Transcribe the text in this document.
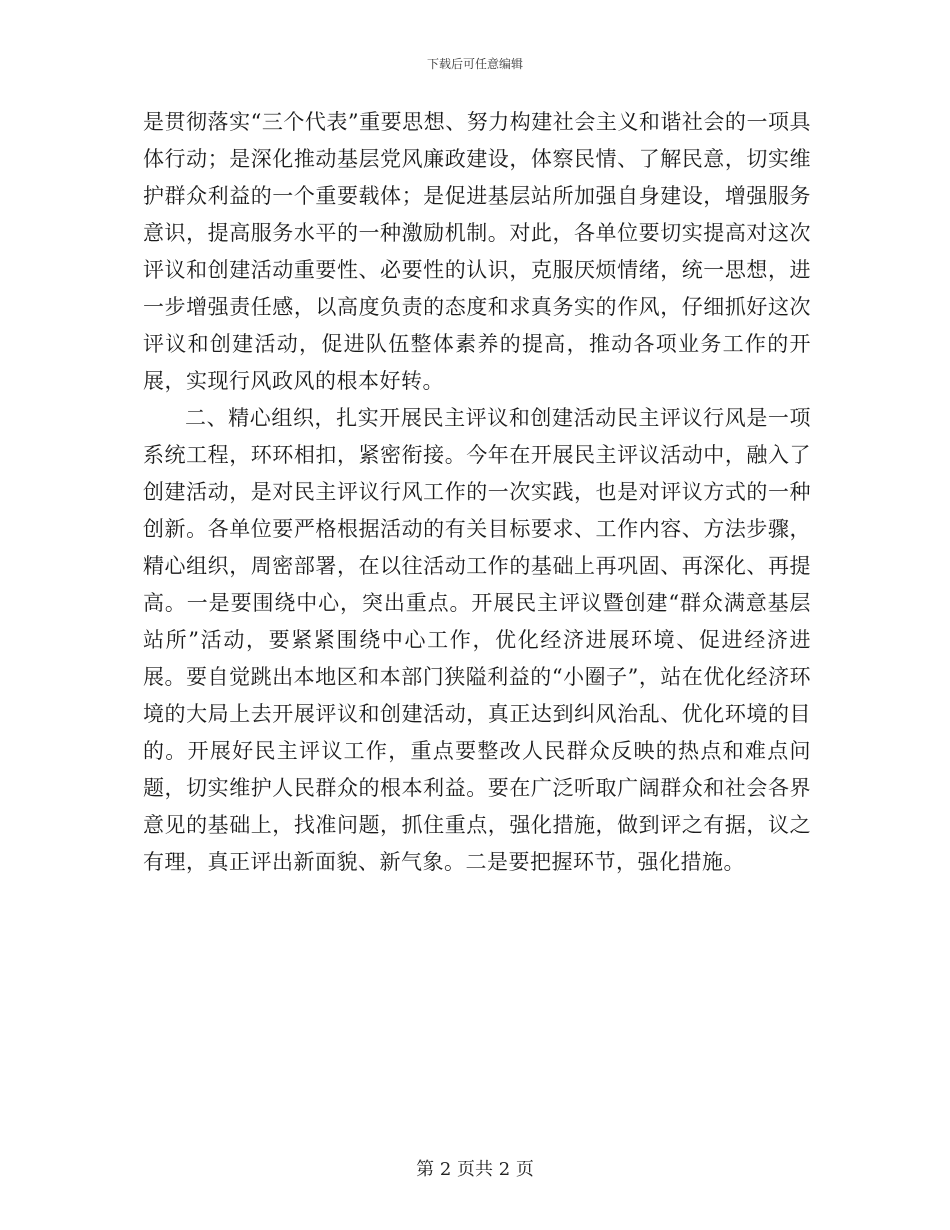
下载后可任意编辑

是贯彻落实“三个代表”重要思想、努力构建社会主义和谐社会的一项具体行动；是深化推动基层党风廉政建设，体察民情、了解民意，切实维护群众利益的一个重要载体；是促进基层站所加强自身建设，增强服务意识，提高服务水平的一种激励机制。对此，各单位要切实提高对这次评议和创建活动重要性、必要性的认识，克服厌烦情绪，统一思想，进一步增强责任感，以高度负责的态度和求真务实的作风，仔细抓好这次评议和创建活动，促进队伍整体素养的提高，推动各项业务工作的开展，实现行风政风的根本好转。

二、精心组织，扎实开展民主评议和创建活动民主评议行风是一项系统工程，环环相扣，紧密衔接。今年在开展民主评议活动中，融入了创建活动，是对民主评议行风工作的一次实践，也是对评议方式的一种创新。各单位要严格根据活动的有关目标要求、工作内容、方法步骤，精心组织，周密部署，在以往活动工作的基础上再巩固、再深化、再提高。一是要围绕中心，突出重点。开展民主评议暨创建“群众满意基层站所”活动，要紧紧围绕中心工作，优化经济进展环境、促进经济进展。要自觉跳出本地区和本部门狭隘利益的“小圈子”，站在优化经济环境的大局上去开展评议和创建活动，真正达到纠风治乱、优化环境的目的。开展好民主评议工作，重点要整改人民群众反映的热点和难点问题，切实维护人民群众的根本利益。要在广泛听取广阔群众和社会各界意见的基础上，找准问题，抓住重点，强化措施，做到评之有据，议之有理，真正评出新面貌、新气象。二是要把握环节，强化措施。

第 2 页共 2 页
